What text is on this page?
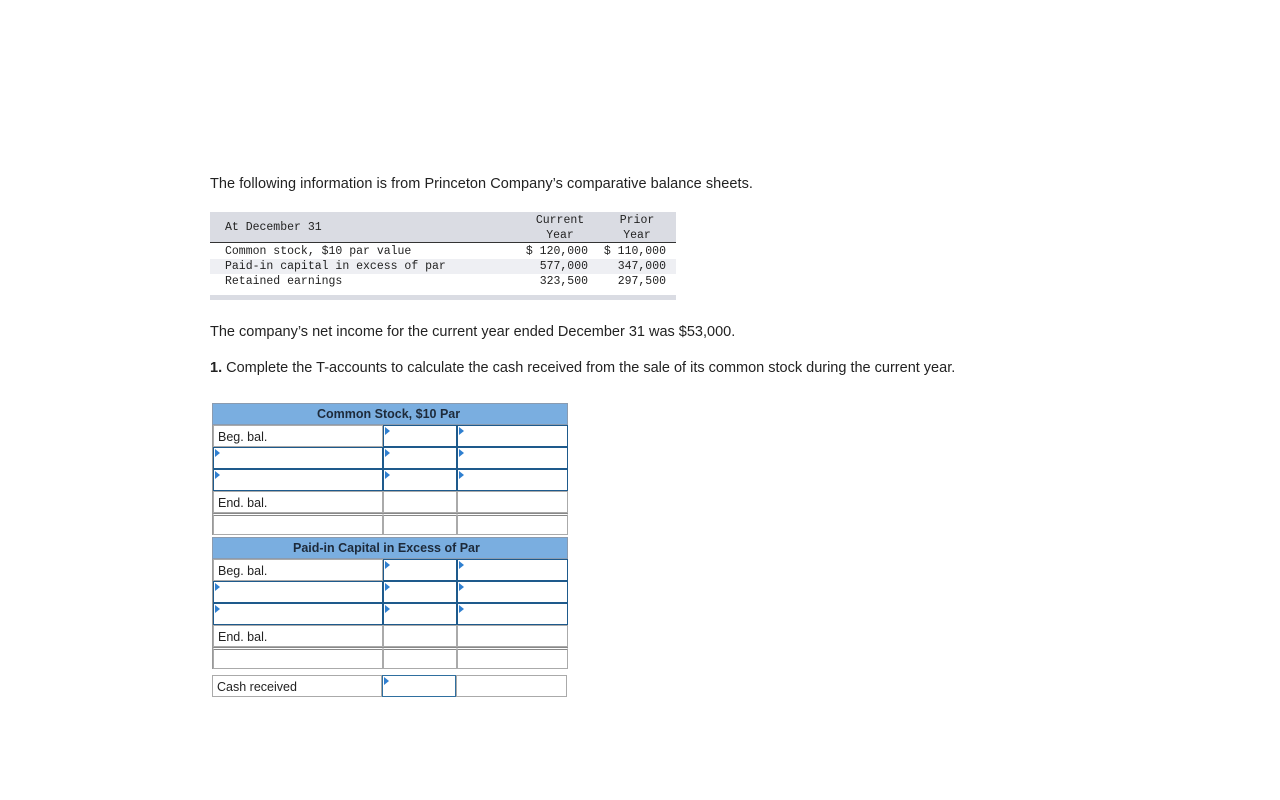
The following information is from Princeton Company’s comparative balance sheets.
At December 31
Current
Year
Prior
Year
Common stock, $10 par value	$ 120,000 $ 110,000
Paid-in capital in excess of par	577,000	347,000
Retained earnings	323,500	297,500
The company’s net income for the current year ended December 31 was $53,000.
1. Complete the T-accounts to calculate the cash received from the sale of its common stock during the current year.
Common Stock, $10 Par
Beg. bal.
End. bal.
Paid-in Capital in Excess of Par
Beg. bal.
End. bal.
Cash received
